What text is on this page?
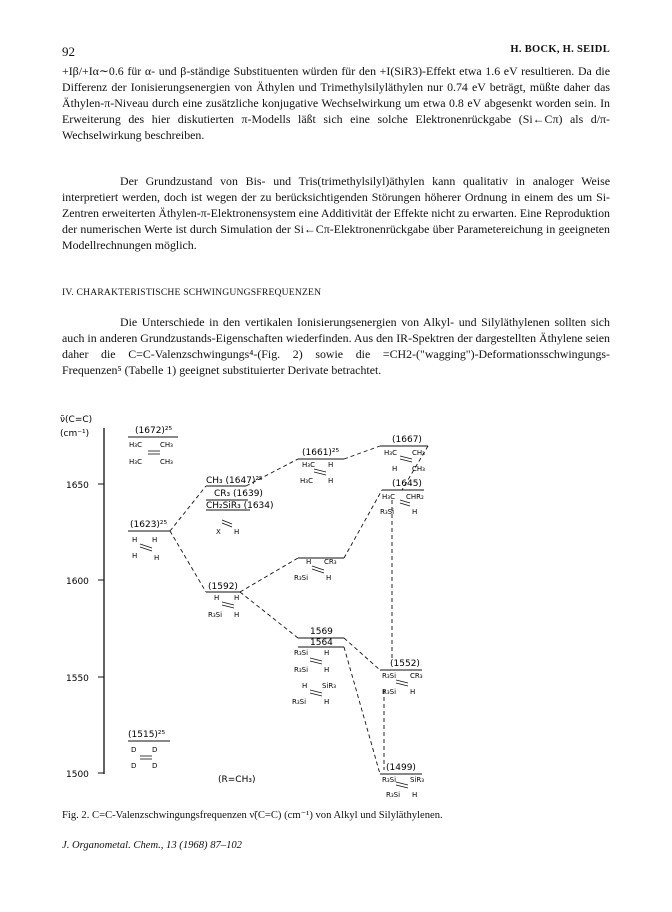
92	H. BOCK, H. SEIDL

+Iβ/+Iα∼0.6 für α- und β-ständige Substituenten würden für den +I(SiR3)-Effekt etwa 1.6 eV resultieren. Da die Differenz der Ionisierungsenergien von Äthylen und Trimethylsilyläthylen nur 0.74 eV beträgt, müßte daher das Äthylen-π-Niveau durch eine zusätzliche konjugative Wechselwirkung um etwa 0.8 eV abgesenkt worden sein. In Erweiterung des hier diskutierten π-Modells läßt sich eine solche Elektronenrückgabe (Si←Cπ) als d/π-Wechselwirkung beschreiben.

Der Grundzustand von Bis- und Tris(trimethylsilyl)äthylen kann qualitativ in analoger Weise interpretiert werden, doch ist wegen der zu berücksichtigenden Störungen höherer Ordnung in einem des um Si-Zentren erweiterten Äthylen-π-Elektronensystem eine Additivität der Effekte nicht zu erwarten. Eine Reproduktion der numerischen Werte ist durch Simulation der Si←Cπ-Elektronenrückgabe über Parametereichung in geeigneten Modellrechnungen möglich.

IV. CHARAKTERISTISCHE SCHWINGUNGSFREQUENZEN

Die Unterschiede in den vertikalen Ionisierungsenergien von Alkyl- und Silyläthylenen sollten sich auch in anderen Grundzustands-Eigenschaften wiederfinden. Aus den IR-Spektren der dargestellten Äthylene seien daher die C=C-Valenzschwingungs⁴-(Fig. 2) sowie die =CH2-("wagging")-Deformationsschwingungs-Frequenzen⁵ (Tabelle 1) geeignet substituierter Derivate betrachtet.

ν̃(C=C)
(cm⁻¹)
1650
1600
1550
1500
(1672)²⁵
(1623)²⁵
(1515)²⁵
CH₃ (1647)²⁵
CR₃ (1639)
CH₂SiR₃ (1634)
(1592)
(1661)²⁵
(1667)
(1645)
1569
1564
(1552)
(1499)
H₃C	CH₃
H₃C	CH₃
H H
H H
D D
D D
X H
H H
R₃Si H
H₃C H
H₃C H
H₃C CH₃
H CH₃
H₃C CHR₂
R₃Si	H
H CR₃
R₃Si	H
R₃Si H
R₃Si H
H SiR₃
R₃Si	H
R₃Si CR₃
R₃Si H
R₃Si SiR₃
R₃Si H
(R=CH₃)
Fig. 2. C=C-Valenzschwingungsfrequenzen ν̃(C=C) (cm⁻¹) von Alkyl und Silyläthylenen.
J. Organometal. Chem., 13 (1968) 87–102
